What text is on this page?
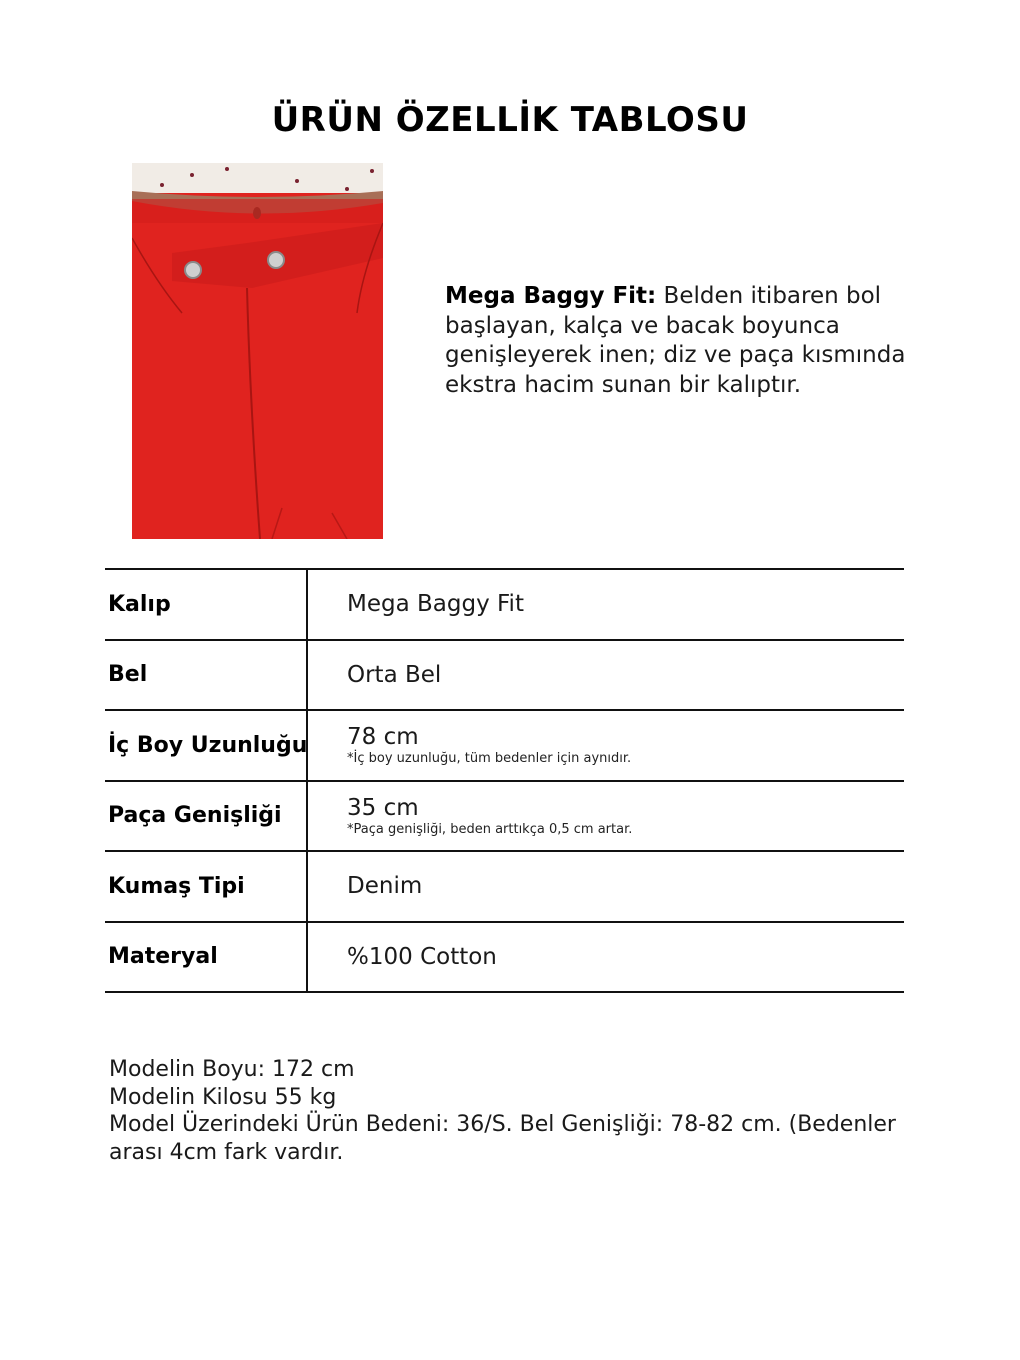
ÜRÜN ÖZELLİK TABLOSU
Mega Baggy Fit: Belden itibaren bol başlayan, kalça ve bacak boyunca genişleyerek inen; diz ve paça kısmında ekstra hacim sunan bir kalıptır.
Kalıp	Mega Baggy Fit
Bel	Orta Bel
İç Boy Uzunluğu 78 cm
*İç boy uzunluğu, tüm bedenler için aynıdır.
Paça Genişliği	35 cm
*Paça genişliği, beden arttıkça 0,5 cm artar.
Kumaş Tipi	Denim
Materyal	%100 Cotton
Modelin Boyu: 172 cm
Modelin Kilosu 55 kg
Model Üzerindeki Ürün Bedeni: 36/S. Bel Genişliği: 78-82 cm. (Bedenler arası 4cm fark vardır.
